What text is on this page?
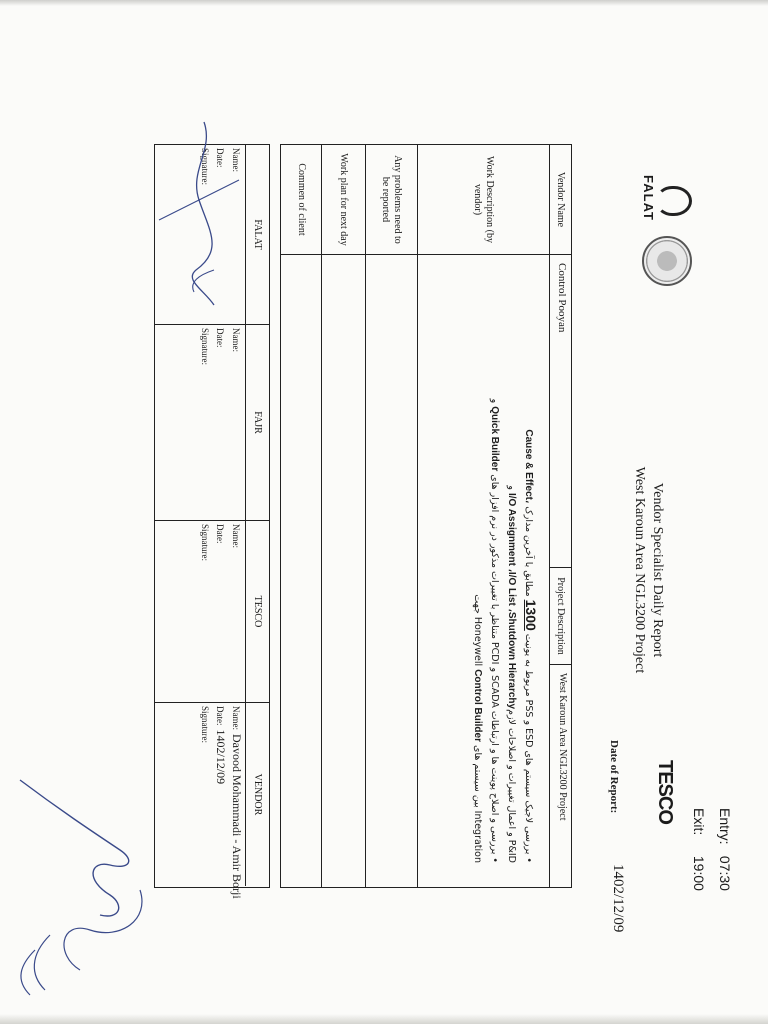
FALAT
Vendor Specialist Daily Report
West Karoun Area NGL3200 Project
Entry: 07:30
Exit: 19:00
TESCO
Date of Report:
1402/12/09
Vendor Name
Control Pooyan
Project Description
West Karoun Area NGL3200 Project
Work Description (by vendor)
• بررسی لاجیک سیستم های ESD و PSS مربوط به یونیت 1300 مطابق با آخرین مدارک Cause & Effect،
P&ID و اعمال تغییرات و اصلاحات لازمI/O Assignment ،I/O List ،Shutdown Hierarchy و
• بررسی و اصلاح پوینت ها و ارتباطات SCADA و PCDI متناظر با تغییرات مذکور در نرم افزار های Quick Builder و
Integration بین سیستم های Honeywell Control Builder جهت
Any problems need to be reported
Work plan for next day
Commen of client
FALAT
Name:
Date:
Signature:
FAJR
Name:
Date:
Signature:
TESCO
Name:
Date:
Signature:
VENDOR
Name:Davood Mohammadi - Amir Borji
Date:1402/12/09
Signature:
